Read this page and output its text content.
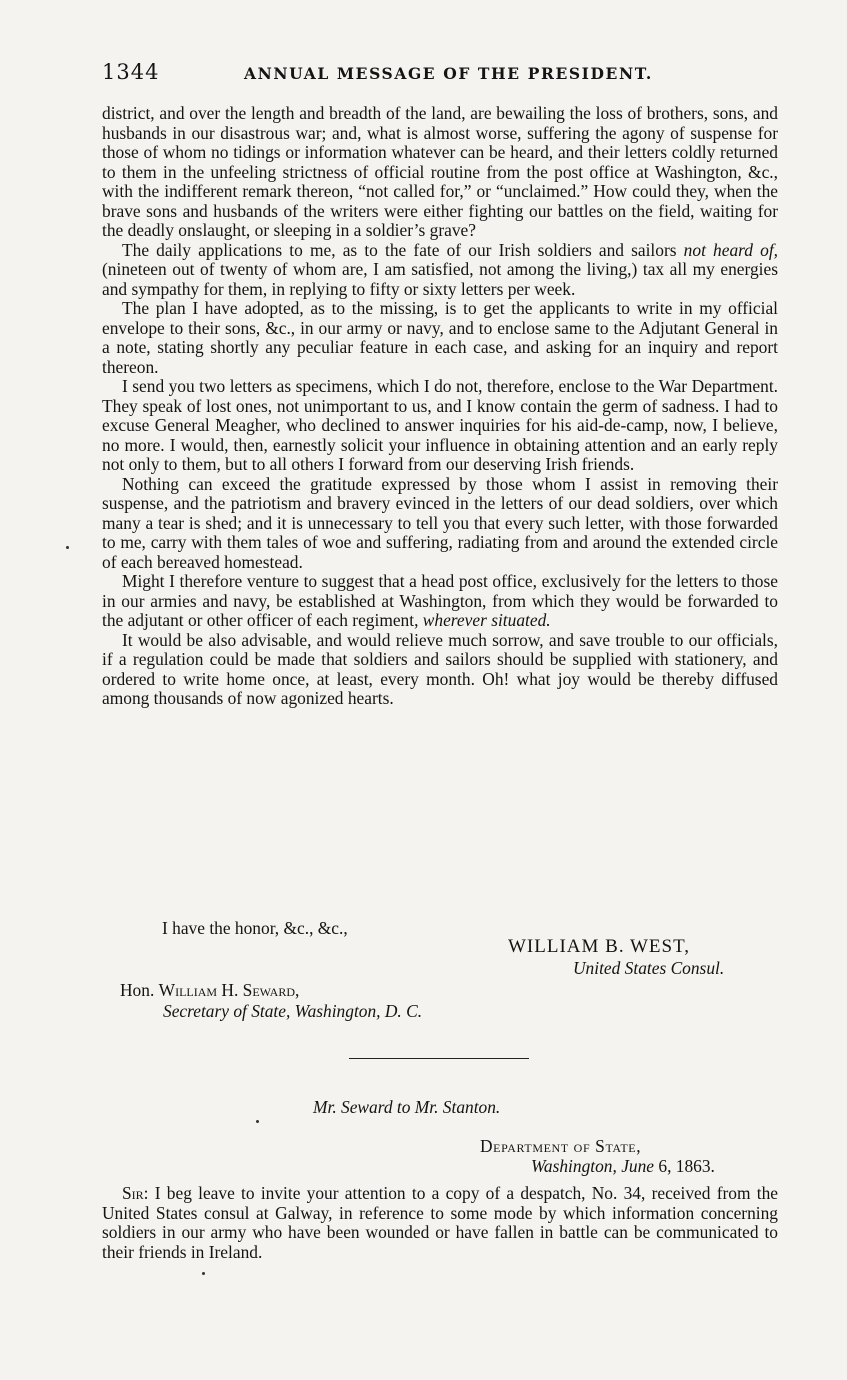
1344	ANNUAL MESSAGE OF THE PRESIDENT.

district, and over the length and breadth of the land, are bewailing the loss of brothers, sons, and husbands in our disastrous war; and, what is almost worse, suffering the agony of suspense for those of whom no tidings or information whatever can be heard, and their letters coldly returned to them in the unfeeling strictness of official routine from the post office at Washington, &c., with the indifferent remark thereon, “not called for,” or “unclaimed.” How could they, when the brave sons and husbands of the writers were either fighting our battles on the field, waiting for the deadly onslaught, or sleeping in a soldier’s grave?

The daily applications to me, as to the fate of our Irish soldiers and sailors not heard of, (nineteen out of twenty of whom are, I am satisfied, not among the living,) tax all my energies and sympathy for them, in replying to fifty or sixty letters per week.

The plan I have adopted, as to the missing, is to get the applicants to write in my official envelope to their sons, &c., in our army or navy, and to enclose same to the Adjutant General in a note, stating shortly any peculiar feature in each case, and asking for an inquiry and report thereon.

I send you two letters as specimens, which I do not, therefore, enclose to the War Department. They speak of lost ones, not unimportant to us, and I know contain the germ of sadness. I had to excuse General Meagher, who declined to answer inquiries for his aid-de-camp, now, I believe, no more. I would, then, earnestly solicit your influence in obtaining attention and an early reply not only to them, but to all others I forward from our deserving Irish friends.

Nothing can exceed the gratitude expressed by those whom I assist in removing their suspense, and the patriotism and bravery evinced in the letters of our dead soldiers, over which many a tear is shed; and it is unnecessary to tell you that every such letter, with those forwarded to me, carry with them tales of woe and suffering, radiating from and around the extended circle of each bereaved homestead.

Might I therefore venture to suggest that a head post office, exclusively for the letters to those in our armies and navy, be established at Washington, from which they would be forwarded to the adjutant or other officer of each regiment, wherever situated.

It would be also advisable, and would relieve much sorrow, and save trouble to our officials, if a regulation could be made that soldiers and sailors should be supplied with stationery, and ordered to write home once, at least, every month. Oh! what joy would be thereby diffused among thousands of now agonized hearts.

I have the honor, &c., &c.,
WILLIAM B. WEST,
United States Consul.
Hon. William H. Seward,
Secretary of State, Washington, D. C.
Mr. Seward to Mr. Stanton.
Department of State,
Washington, June 6, 1863.
Sir: I beg leave to invite your attention to a copy of a despatch, No. 34, received from the United States consul at Galway, in reference to some mode by which information concerning soldiers in our army who have been wounded or have fallen in battle can be communicated to their friends in Ireland.
